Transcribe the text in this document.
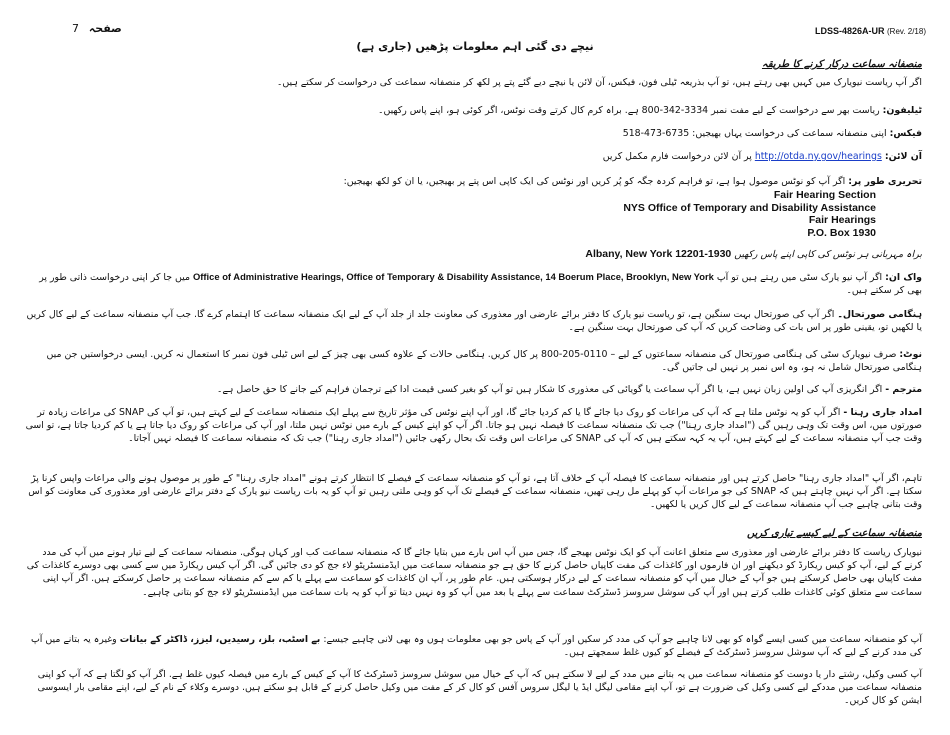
7 صفحہ	LDSS-4826A-UR (Rev. 2/18)
نیچے دی گئی اہم معلومات پڑھیں (جاری ہے)
منصفانہ سماعت درکار کرنے کا طریقہ
اگر آپ ریاست نیویارک میں کہیں بھی رہتے ہیں، تو آپ بذریعہ ٹیلی فون، فیکس، آن لائن یا نیچے دیے گئے پتے پر لکھ کر منصفانہ سماعت کی درخواست کر سکتے ہیں۔
ٹیلیفون: ریاست بھر سے درخواست کے لیے مفت نمبر 3334-342-800 ہے. براہ کرم کال کرتے وقت نوٹس، اگر کوئی ہو، اپنے پاس رکھیں۔
فیکس: اپنی منصفانہ سماعت کی درخواست یہاں بھیجیں: 6735-473-518
آن لائن: http://otda.ny.gov/hearings پر آن لائن درخواست فارم مکمل کریں
تحریری طور پر: اگر آپ کو نوٹس موصول ہوا ہے، تو فراہم کردہ جگہ کو پُر کریں اور نوٹس کی ایک کاپی اس پتے پر بھیجیں، یا ان کو لکھ بھیجیں:
Fair Hearing Section
NYS Office of Temporary and Disability Assistance
Fair Hearings
P.O. Box 1930
براہ مہربانی ہر نوٹس کی کاپی اپنے پاس رکھیں Albany, New York 12201-1930
واک ان: اگر آپ نیو یارک سٹی میں رہتے ہیں تو آپ Office of Administrative Hearings, Office of Temporary & Disability Assistance, 14 Boerum Place, Brooklyn, New York میں جا کر اپنی درخواست ذاتی طور پر بھی کر سکتے ہیں۔
ہنگامی صورتحال۔ اگر آپ کی صورتحال بہت سنگین ہے، تو ریاست نیو یارک کا دفتر برائے عارضی اور معذوری کی معاونت جلد از جلد آپ کے لیے ایک منصفانہ سماعت کا اہتمام کرے گا. جب آپ منصفانہ سماعت کے لیے کال کریں یا لکھیں تو، یقینی طور پر اس بات کی وضاحت کریں کہ آپ کی صورتحال بہت سنگین ہے۔
نوٹ: صرف نیویارک سٹی کی ہنگامی صورتحال کی منصفانہ سماعتوں کے لیے – 0110-205-800 پر کال کریں. ہنگامی حالات کے علاوہ کسی بھی چیز کے لیے اس ٹیلی فون نمبر کا استعمال نہ کریں. ایسی درخواستیں جن میں ہنگامی صورتحال شامل نہ ہو، وہ اس نمبر پر نہیں لی جاتیں گی۔
مترجم - اگر انگریزی آپ کی اولین زبان نہیں ہے، یا اگر آپ سماعت یا گویائی کی معذوری کا شکار ہیں تو آپ کو بغیر کسی قیمت ادا کیے ترجمان فراہم کیے جانے کا حق حاصل ہے۔
امداد جاری رہنا - اگر آپ کو یہ نوٹس ملتا ہے کہ آپ کی مراعات کو روک دیا جائے گا یا کم کردیا جائے گا، اور آپ اپنے نوٹس کی مؤثر تاریخ سے پہلے ایک منصفانہ سماعت کے لیے کہتے ہیں، تو آپ کی SNAP کی مراعات زیادہ تر صورتوں میں، اس وقت تک وہی رہیں گی ("امداد جاری رہنا") جب تک منصفانہ سماعت کا فیصلہ نہیں ہو جاتا. اگر آپ کو اپنے کیس کے بارے میں نوٹس نہیں ملتا، اور آپ کی مراعات کو روک دیا جاتا ہے یا کم کردیا جاتا ہے، تو اسی وقت جب آپ منصفانہ سماعت کے لیے کہتے ہیں، آپ یہ کہہ سکتے ہیں کہ آپ کی SNAP کی مراعات اس وقت تک بحال رکھی جائیں ("امداد جاری رہنا") جب تک کہ منصفانہ سماعت کا فیصلہ نہیں آجاتا۔
تاہم، اگر آپ "امداد جاری رہنا" حاصل کرتے ہیں اور منصفانہ سماعت کا فیصلہ آپ کے خلاف آتا ہے، تو آپ کو منصفانہ سماعت کے فیصلے کا انتظار کرتے ہونے "امداد جاری رہنا" کے طور پر موصول ہونے والی مراعات واپس کرنا پڑ سکتا ہے. اگر آپ نہیں چاہتے ہیں کہ SNAP کی جو مراعات آپ کو پہلے مل رہی تھیں، منصفانہ سماعت کے فیصلے تک آپ کو وہی ملتی رہیں تو آپ کو یہ بات ریاست نیو یارک کے دفتر برائے عارضی اور معذوری کی معاونت کو اس وقت بتانی چاہیے جب آپ منصفانہ سماعت کے لیے کال کریں یا لکھیں۔
منصفانہ سماعت کے لیے کیسے تیاری کریں
نیویارک ریاست کا دفتر برائے عارضی اور معذوری سے متعلق اعانت آپ کو ایک نوٹس بھیجے گا، جس میں آپ اس بارے میں بتایا جائے گا کہ منصفانہ سماعت کب اور کہاں ہوگی. منصفانہ سماعت کے لیے تیار ہونے میں آپ کی مدد کرنے کے لیے، آپ کو کیس ریکارڈ کو دیکھنے اور ان فارموں اور کاغذات کی مفت کاپیاں حاصل کرنے کا حق ہے جو منصفانہ سماعت میں ایڈمنسٹریٹو لاء جج کو دی جائیں گی. اگر آپ کیس ریکارڈ میں سے کسی بھی دوسرے کاغذات کی مفت کاپیاں بھی حاصل کرسکتے ہیں جو آپ کے خیال میں آپ کو منصفانہ سماعت کے لیے درکار ہوسکتی ہیں. عام طور پر، آپ ان کاغذات کو سماعت سے پہلے یا کم سے کم منصفانہ سماعت پر حاصل کرسکتے ہیں. اگر آپ اپنی سماعت سے متعلق کوئی کاغذات طلب کرتے ہیں اور آپ کی سوشل سروسز ڈسٹرکٹ سماعت سے پہلے یا بعد میں آپ کو وہ نہیں دیتا تو آپ کو یہ بات سماعت میں ایڈمنسٹریٹو لاء جج کو بتانی چاہیے۔
آپ کو منصفانہ سماعت میں کسی ایسے گواہ کو بھی لانا چاہیے جو آپ کی مدد کر سکیں اور آپ کے پاس جو بھی معلومات ہوں وہ بھی لانی چاہیے جیسے: بے اسٹب، بلز، رسیدیں، لیزز، ڈاکٹر کے بیانات وغیرہ یہ بتانے میں آپ کی مدد کرنے کے لیے کہ آپ سوشل سروسز ڈسٹرکٹ کے فیصلے کو کیوں غلط سمجھتے ہیں۔
آپ کسی وکیل، رشتے دار یا دوست کو منصفانہ سماعت میں یہ بتانے میں مدد کے لیے لا سکتے ہیں کہ آپ کے خیال میں سوشل سروسز ڈسٹرکٹ کا آپ کے کیس کے بارے میں فیصلہ کیوں غلط ہے. اگر آپ کو لگتا ہے کہ آپ کو اپنی منصفانہ سماعت میں مددکے لیے کسی وکیل کی ضرورت ہے تو، آپ اپنے مقامی لیگل ایڈ یا لیگل سروس آفس کو کال کر کے مفت میں وکیل حاصل کرنے کے قابل ہو سکتے ہیں. دوسرے وکلاء کے نام کے لیے، اپنے مقامی بار ایسوسی ایشن کو کال کریں۔
